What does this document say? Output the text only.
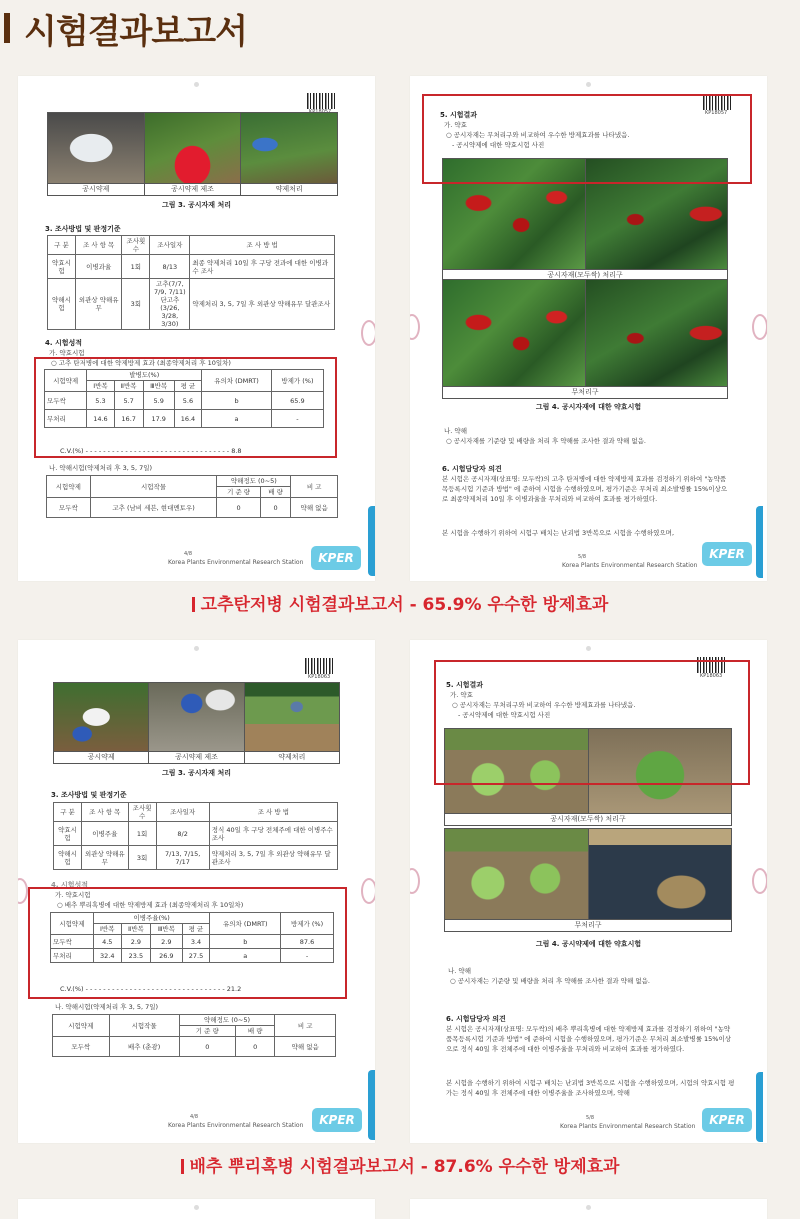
시험결과보고서
공시약제	공시약제 제조	약제처리
그림 3. 공시자재 처리
3. 조사방법 및 판정기준
구 분	조 사 항 목	조사횟수	조사일자	조 사 방 법
약효시험	이병과율	1회	8/13	최종 약제처리 10일 후 구당 전과에 대한 이병과수 조사
약해시험	외관상 약해유무	3회	고추(7/7, 7/9, 7/11) 단고추(3/26, 3/28, 3/30)	약제처리 3, 5, 7일 후 외관상 약해유무 달관조사
4. 시험성적
가. 약효시험
○ 고추 탄저병에 대한 약제방제 효과 (최종약제처리 후 10일차)
시험약제	발병도(%)				유의차 (DMRT)	방제가 (%)
	Ⅰ반복	Ⅱ반복	Ⅲ반복	평 균		
모두싹	5.3	5.7	5.9	5.6	b	65.9
무처리	14.6	16.7	17.9	16.4	a	-
C.V.(%) - - - - - - - - - - - - - - - - - - - - - - - - - - - - - - - - - 8.8
나. 약해시험(약제처리 후 3, 5, 7일)
시험약제	시험작물	약해정도 (0~5)		비 고
		기 준 량	배 량	
모두싹	고추 (남비 세븐, 현대멘토우)	0	0	약해 없음
4/8
Korea Plants Environmental Research Station	KPER
KP18057
5. 시험결과
가. 약효
○ 공시자재는 무처리구와 비교하여 우수한 방제효과를 나타냈음.
- 공시약제에 대한 약효시험 사진
공시자재(모두싹) 처리구
무처리구
그림 4. 공시자재에 대한 약효시험
나. 약해
○ 공시자재를 기준량 및 배량을 처리 후 약해를 조사한 결과 약해 없음.
6. 시험담당자 의견
본 시험은 공시자재(상표명: 모두싹)의 고추 탄저병에 대한 약제방제 효과를 검정하기 위하여 "농약품목등록시험 기준과 방법" 에 준하여 시험을 수행하였으며, 평가기준은 무처리 최소발병률 15%이상으로 최종약제처리 10일 후 이병과율을 무처리와 비교하여 효과를 평가하였다.
본 시험을 수행하기 위하여 시험구 배치는 난괴법 3반복으로 시험을 수행하였으며,
5/8
Korea Plants Environmental Research Station
KPER
고추탄저병 시험결과보고서 - 65.9% 우수한 방제효과
KP18063
공시약제	공시약제 제조	약제처리
그림 3. 공시자재 처리
3. 조사방법 및 판정기준
구 분	조 사 항 목	조사횟수	조사일자	조 사 방 법
약효시험	이병주율	1회	8/2	정식 40일 후 구당 전체주에 대한 이병주수 조사
약해시험	외관상 약해유무	3회	7/13, 7/15, 7/17	약제처리 3, 5, 7일 후 외관상 약해유무 달관조사
4. 시험성적
가. 약효시험
○ 배추 뿌리혹병에 대한 약제방제 효과 (최종약제처리 후 10일차)
시험약제	이병주율(%)				유의차 (DMRT)	방제가 (%)
	Ⅰ반복	Ⅱ반복	Ⅲ반복	평 균		
모두싹	4.5	2.9	2.9	3.4	b	87.6
무처리	32.4	23.5	26.9	27.5	a	-
C.V.(%) - - - - - - - - - - - - - - - - - - - - - - - - - - - - - - - - 21.2
나. 약해시험(약제처리 후 3, 5, 7일)
시험약제	시험작물	약해정도 (0~5)		비 고
		기 준 량	배 량	
모두싹	배추 (춘광)	0	0	약해 없음
4/8
Korea Plants Environmental Research Station	KPER
KP18063
5. 시험결과
가. 약효
○ 공시자재는 무처리구와 비교하여 우수한 방제효과를 나타냈음.
- 공시약제에 대한 약효시험 사진
공시자재(모두싹) 처리구
무처리구
그림 4. 공시약제에 대한 약효시험
나. 약해
○ 공시자재는 기준량 및 배량을 처리 후 약해를 조사한 결과 약해 없음.
6. 시험담당자 의견
본 시험은 공시자재(상표명: 모두싹)의 배추 뿌리혹병에 대한 약제방제 효과를 검정하기 위하여 "농약품목등록시험 기준과 방법" 에 준하여 시험을 수행하였으며, 평가기준은 무처리 최소발병률 15%이상으로 정식 40일 후 전체주에 대한 이병주율을 무처리와 비교하여 효과를 평가하였다.
본 시험을 수행하기 위하여 시험구 배치는 난괴법 3반복으로 시험을 수행하였으며, 시험의 약효시험 평가는 정식 40일 후 전체주에 대한 이병주율을 조사하였으며, 약해
5/8
Korea Plants Environmental Research Station	KPER
배추 뿌리혹병 시험결과보고서 - 87.6% 우수한 방제효과
